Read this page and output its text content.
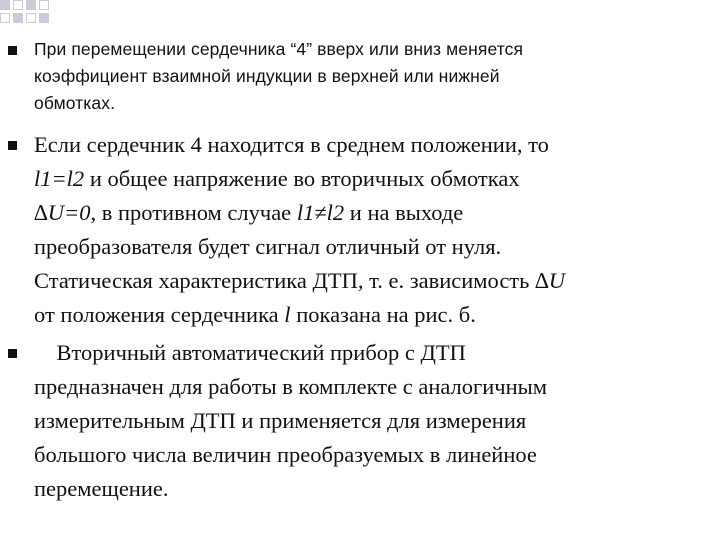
При перемещении сердечника “4” вверх или вниз меняется
коэффициент взаимной индукции в верхней или нижней
обмотках.
Если сердечник 4 находится в среднем положении, то
l1=l2 и общее напряжение во вторичных обмотках
∆U=0, в противном случае l1≠l2 и на выходе
преобразователя будет сигнал отличный от нуля.
Статическая характеристика ДТП, т. е. зависимость ∆U
от положения сердечника l показана на рис. б.
Вторичный автоматический прибор с ДТП
предназначен для работы в комплекте с аналогичным
измерительным ДТП и применяется для измерения
большого числа величин преобразуемых в линейное
перемещение.
